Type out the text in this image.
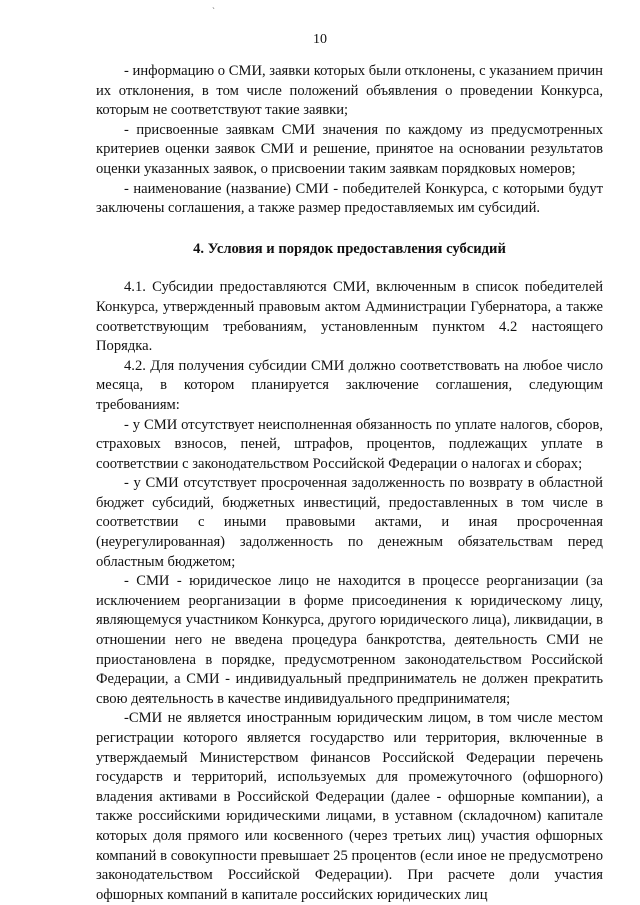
`
10

- информацию о СМИ, заявки которых были отклонены, с указанием причин их отклонения, в том числе положений объявления о проведении Конкурса, которым не соответствуют такие заявки;

- присвоенные заявкам СМИ значения по каждому из предусмотренных критериев оценки заявок СМИ и решение, принятое на основании результатов оценки указанных заявок, о присвоении таким заявкам порядковых номеров;

- наименование (название) СМИ - победителей Конкурса, с которыми будут заключены соглашения, а также размер предоставляемых им субсидий.

4. Условия и порядок предоставления субсидий

4.1. Субсидии предоставляются СМИ, включенным в список победителей Конкурса, утвержденный правовым актом Администрации Губернатора, а также соответствующим требованиям, установленным пунктом 4.2 настоящего Порядка.

4.2. Для получения субсидии СМИ должно соответствовать на любое число месяца, в котором планируется заключение соглашения, следующим требованиям:

- у СМИ отсутствует неисполненная обязанность по уплате налогов, сборов, страховых взносов, пеней, штрафов, процентов, подлежащих уплате в соответствии с законодательством Российской Федерации о налогах и сборах;

- у СМИ отсутствует просроченная задолженность по возврату в областной бюджет субсидий, бюджетных инвестиций, предоставленных в том числе в соответствии с иными правовыми актами, и иная просроченная (неурегулированная) задолженность по денежным обязательствам перед областным бюджетом;

- СМИ - юридическое лицо не находится в процессе реорганизации (за исключением реорганизации в форме присоединения к юридическому лицу, являющемуся участником Конкурса, другого юридического лица), ликвидации, в отношении него не введена процедура банкротства, деятельность СМИ не приостановлена в порядке, предусмотренном законодательством Российской Федерации, а СМИ - индивидуальный предприниматель не должен прекратить свою деятельность в качестве индивидуального предпринимателя;

-СМИ не является иностранным юридическим лицом, в том числе местом регистрации которого является государство или территория, включенные в утверждаемый Министерством финансов Российской Федерации перечень государств и территорий, используемых для промежуточного (офшорного) владения активами в Российской Федерации (далее - офшорные компании), а также российскими юридическими лицами, в уставном (складочном) капитале которых доля прямого или косвенного (через третьих лиц) участия офшорных компаний в совокупности превышает 25 процентов (если иное не предусмотрено законодательством Российской Федерации). При расчете доли участия офшорных компаний в капитале российских юридических лиц
